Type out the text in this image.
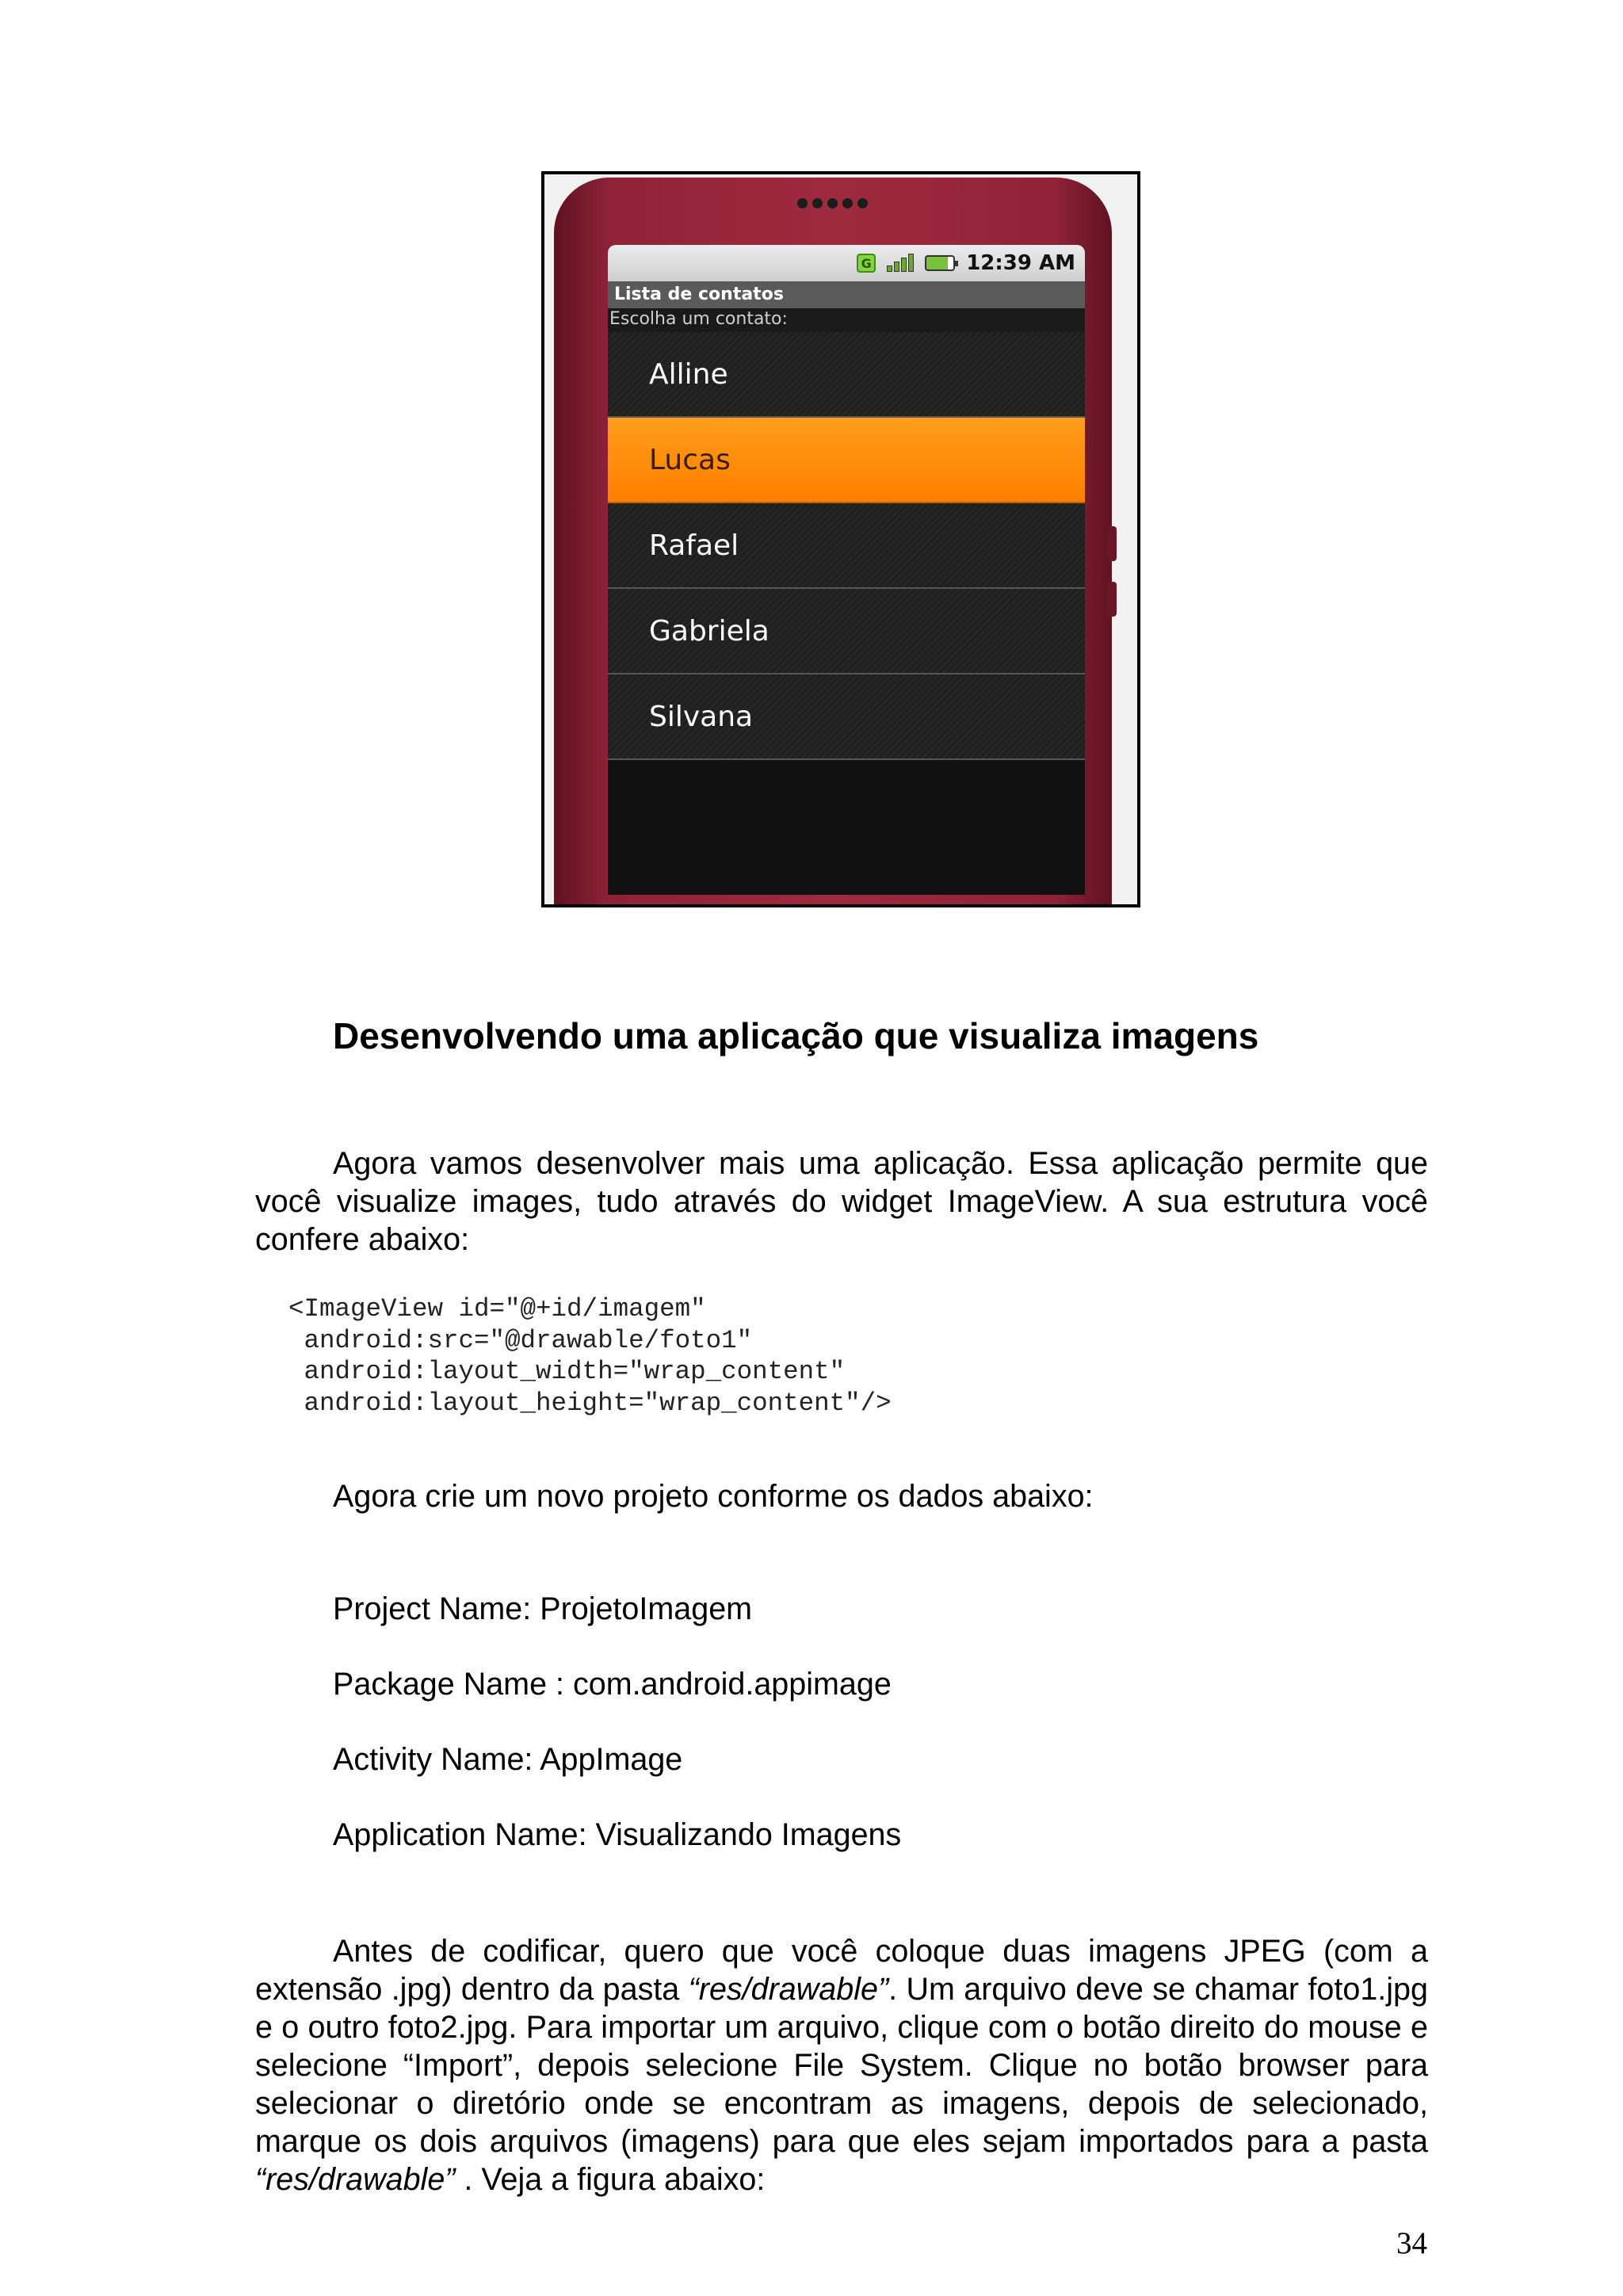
G	12:39 AM
Lista de contatos
Escolha um contato:
Alline
Lucas
Rafael
Gabriela
Silvana
Desenvolvendo uma aplicação que visualiza imagens

Agora vamos desenvolver mais uma aplicação. Essa aplicação permite que você visualize images, tudo através do widget ImageView. A sua estrutura você confere abaixo:

<ImageView id="@+id/imagem"
android:src="@drawable/foto1"
android:layout_width="wrap_content"
android:layout_height="wrap_content"/>

Agora crie um novo projeto conforme os dados abaixo:

Project Name: ProjetoImagem

Package Name : com.android.appimage

Activity Name: AppImage

Application Name: Visualizando Imagens

Antes de codificar, quero que você coloque duas imagens JPEG (com a extensão .jpg) dentro da pasta “res/drawable”. Um arquivo deve se chamar foto1.jpg e o outro foto2.jpg. Para importar um arquivo, clique com o botão direito do mouse e selecione “Import”, depois selecione File System. Clique no botão browser para selecionar o diretório onde se encontram as imagens, depois de selecionado, marque os dois arquivos (imagens) para que eles sejam importados para a pasta “res/drawable” . Veja a figura abaixo:

34
